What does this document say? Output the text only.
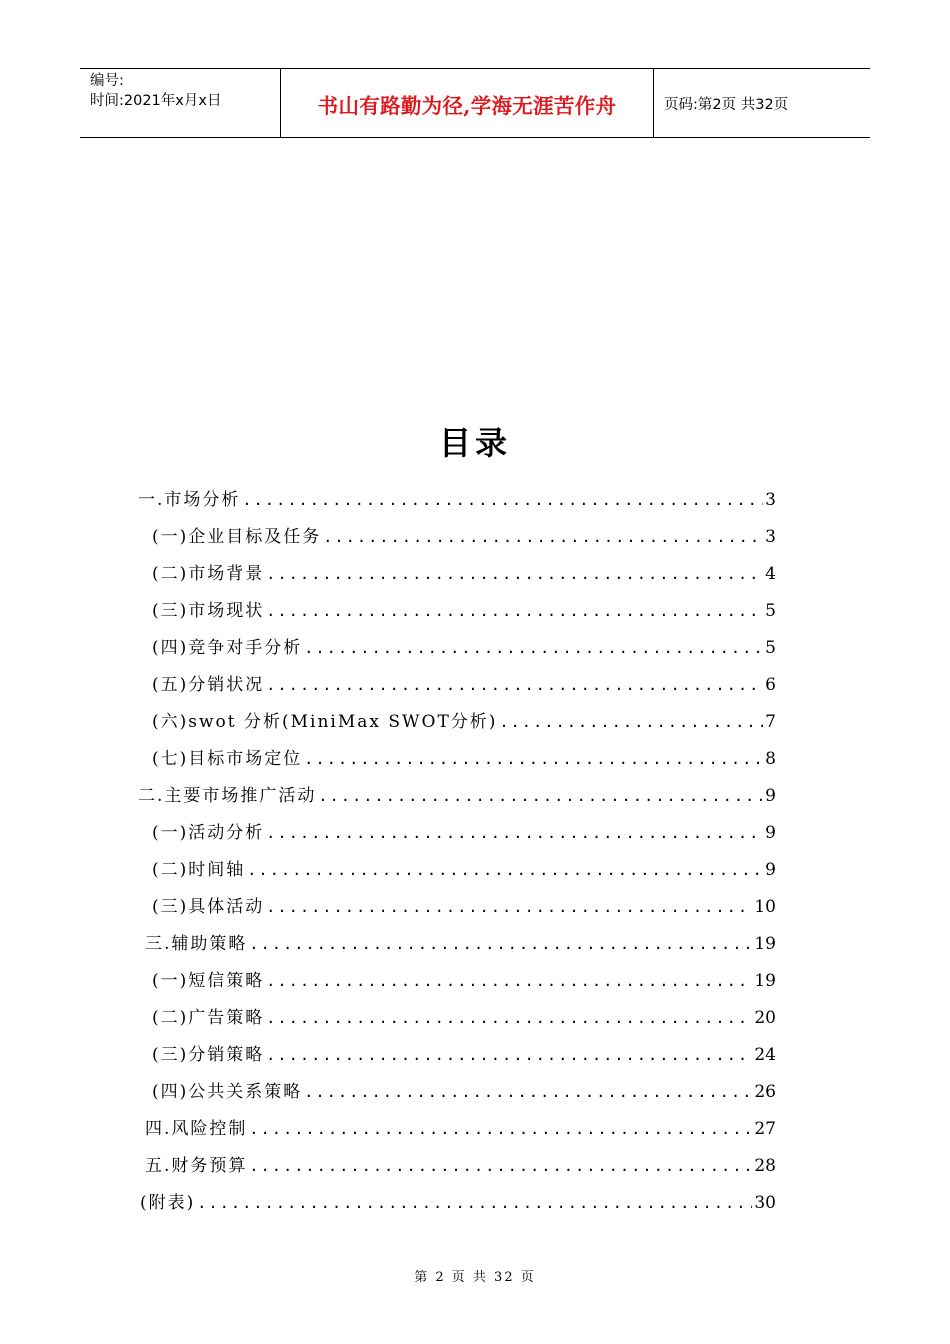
编号:
时间:2021年x月x日	书山有路勤为径,学海无涯苦作舟	页码:第2页 共32页
目录
一.市场分析 .....	3
(一)企业目标及任务 .....	3
(二)市场背景 .....	4
(三)市场现状 .....	5
(四)竞争对手分析 .....	5
(五)分销状况 .....	6
(六)swot 分析(MiniMax SWOT分析) .....	7
(七)目标市场定位 .....	8
二.主要市场推广活动 .....	9
(一)活动分析 .....	9
(二)时间轴 .....	9
(三)具体活动 .....	10
三.辅助策略 .....	19
(一)短信策略 .....	19
(二)广告策略 .....	20
(三)分销策略 .....	24
(四)公共关系策略 .....	26
四.风险控制 .....	27
五.财务预算 .....	28
(附表) .....	30
第 2 页 共 32 页
